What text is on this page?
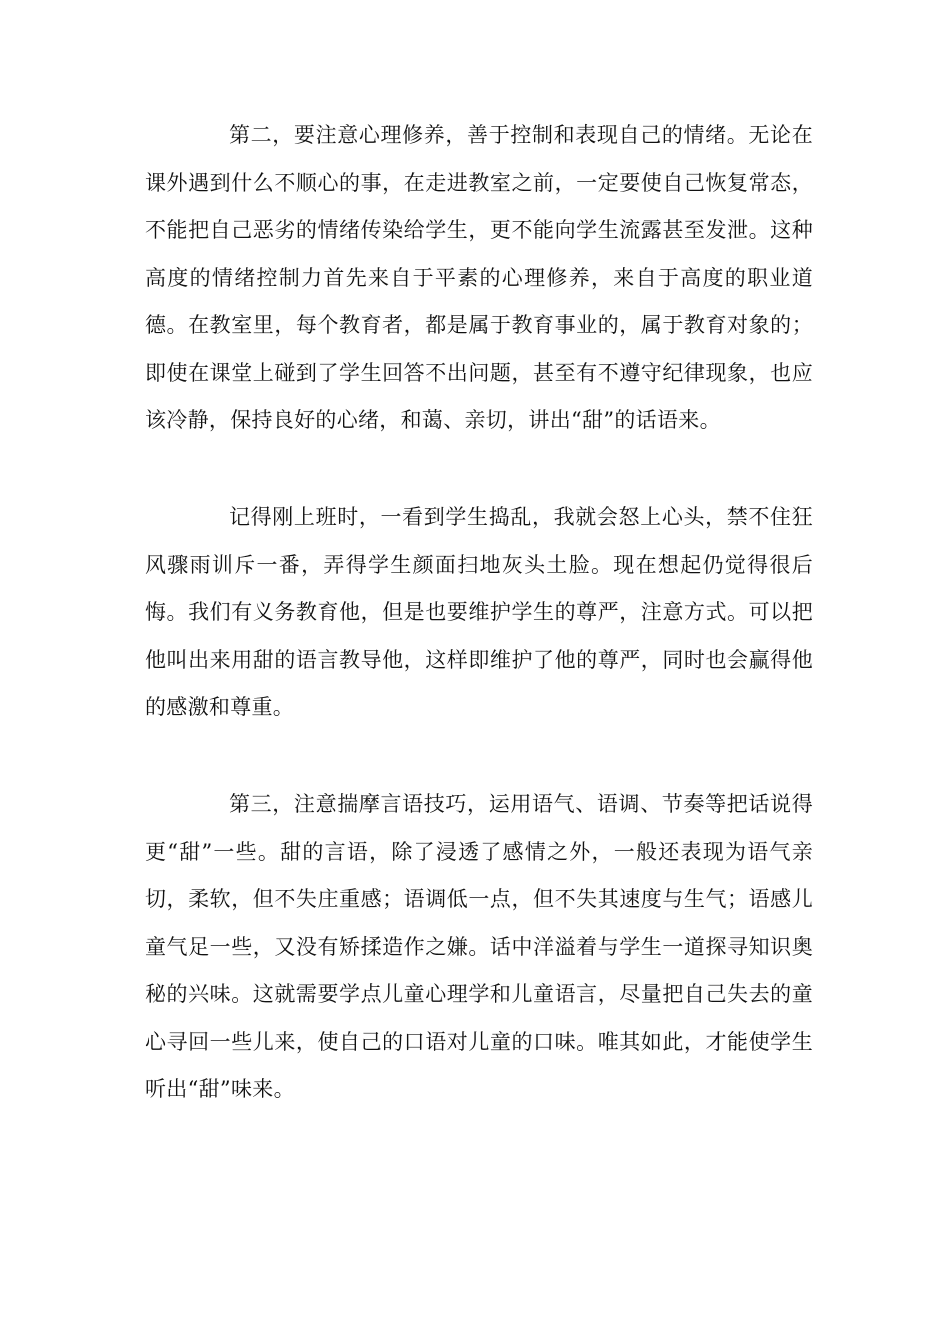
第二，要注意心理修养，善于控制和表现自己的情绪。无论在课外遇到什么不顺心的事，在走进教室之前，一定要使自己恢复常态，不能把自己恶劣的情绪传染给学生，更不能向学生流露甚至发泄。这种高度的情绪控制力首先来自于平素的心理修养，来自于高度的职业道德。在教室里，每个教育者，都是属于教育事业的，属于教育对象的；即使在课堂上碰到了学生回答不出问题，甚至有不遵守纪律现象，也应该冷静，保持良好的心绪，和蔼、亲切，讲出“甜”的话语来。

记得刚上班时，一看到学生捣乱，我就会怒上心头，禁不住狂风骤雨训斥一番，弄得学生颜面扫地灰头土脸。现在想起仍觉得很后悔。我们有义务教育他，但是也要维护学生的尊严，注意方式。可以把他叫出来用甜的语言教导他，这样即维护了他的尊严，同时也会赢得他的感激和尊重。

第三，注意揣摩言语技巧，运用语气、语调、节奏等把话说得更“甜”一些。甜的言语，除了浸透了感情之外，一般还表现为语气亲切，柔软，但不失庄重感；语调低一点，但不失其速度与生气；语感儿童气足一些，又没有矫揉造作之嫌。话中洋溢着与学生一道探寻知识奥秘的兴味。这就需要学点儿童心理学和儿童语言，尽量把自己失去的童心寻回一些儿来，使自己的口语对儿童的口味。唯其如此，才能使学生听出“甜”味来。
